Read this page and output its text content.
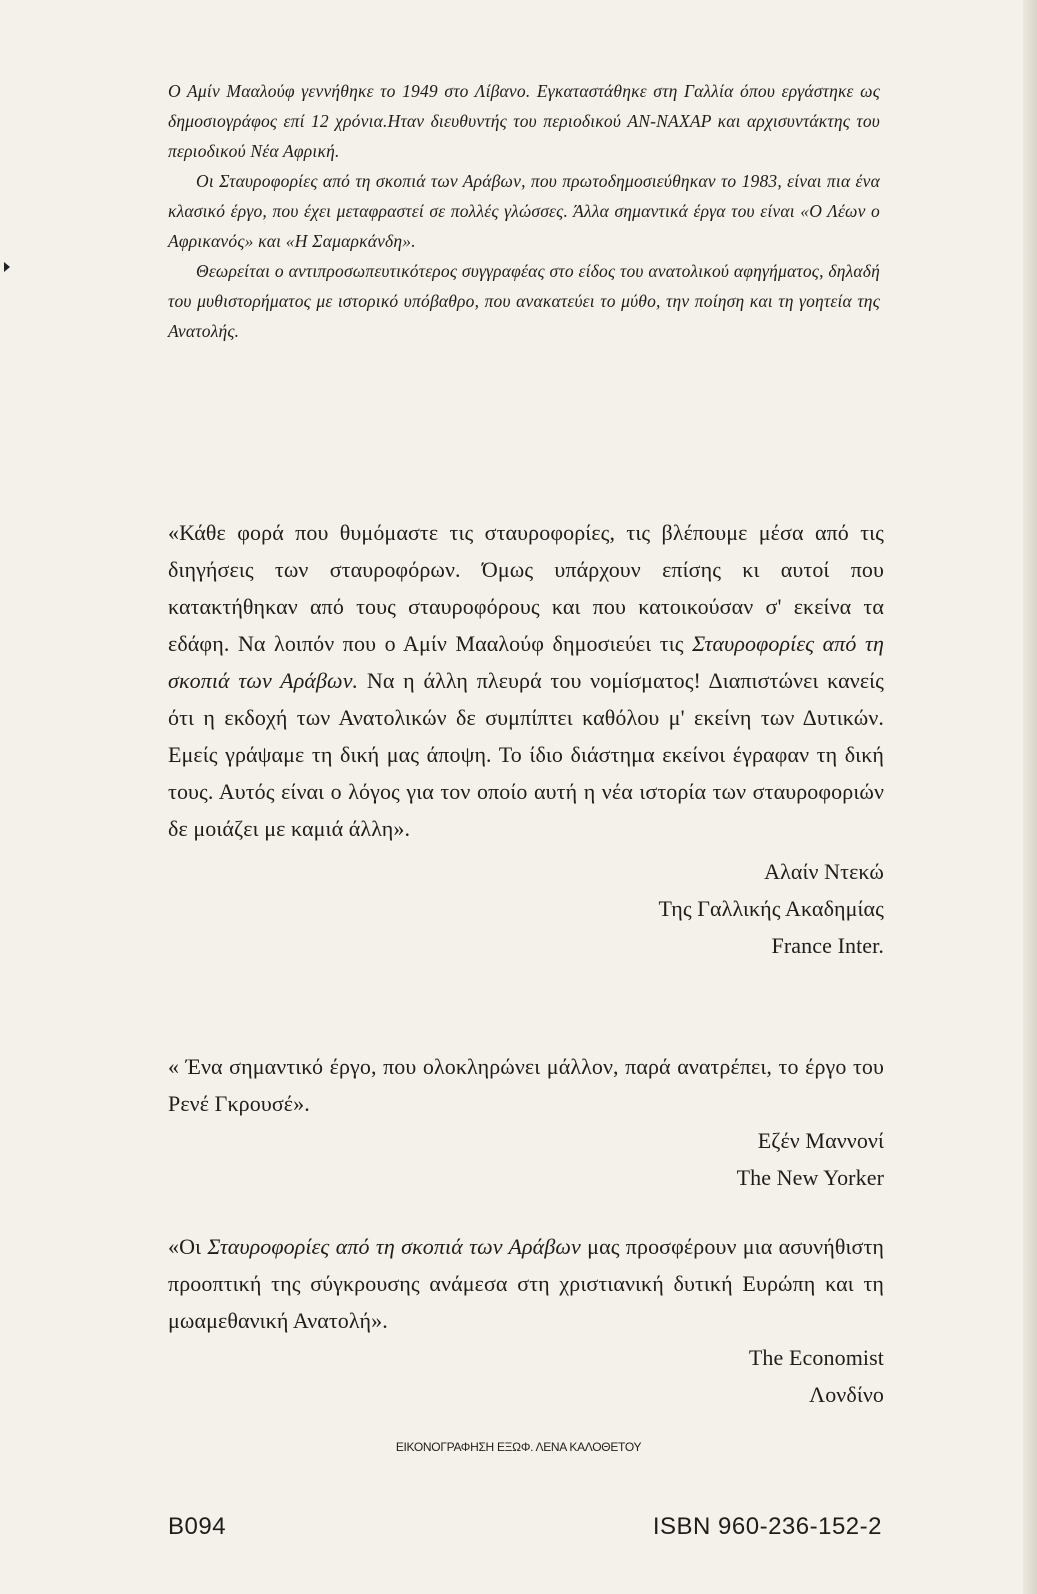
Ο Αμίν Μααλούφ γεννήθηκε το 1949 στο Λίβανο. Εγκαταστάθηκε στη Γαλλία όπου εργάστηκε ως δημοσιογράφος επί 12 χρόνια.Ηταν διευθυντής του περιοδικού AN-NAXAP και αρχισυντάκτης του περιοδικού Νέα Αφρική.

Οι Σταυροφορίες από τη σκοπιά των Αράβων, που πρωτοδημοσιεύθηκαν το 1983, είναι πια ένα κλασικό έργο, που έχει μεταφραστεί σε πολλές γλώσσες. Άλλα σημαντικά έργα του είναι «Ο Λέων ο Αφρικανός» και «Η Σαμαρκάνδη».

Θεωρείται ο αντιπροσωπευτικότερος συγγραφέας στο είδος του ανατολικού αφηγήματος, δηλαδή του μυθιστορήματος με ιστορικό υπόβαθρο, που ανακατεύει το μύθο, την ποίηση και τη γοητεία της Ανατολής.

«Κάθε φορά που θυμόμαστε τις σταυροφορίες, τις βλέπουμε μέσα από τις διηγήσεις των σταυροφόρων. Όμως υπάρχουν επίσης κι αυτοί που κατακτήθηκαν από τους σταυροφόρους και που κατοικούσαν σ' εκείνα τα εδάφη. Να λοιπόν που ο Αμίν Μααλούφ δημοσιεύει τις Σταυροφορίες από τη σκοπιά των Αράβων. Να η άλλη πλευρά του νομίσματος! Διαπιστώνει κανείς ότι η εκδοχή των Ανατολικών δε συμπίπτει καθόλου μ' εκείνη των Δυτικών. Εμείς γράψαμε τη δική μας άποψη. Το ίδιο διάστημα εκείνοι έγραφαν τη δική τους. Αυτός είναι ο λόγος για τον οποίο αυτή η νέα ιστορία των σταυροφοριών δε μοιάζει με καμιά άλλη».

Αλαίν Ντεκώ
Της Γαλλικής Ακαδημίας
France Inter.

« Ένα σημαντικό έργο, που ολοκληρώνει μάλλον, παρά ανατρέπει, το έργο του Ρενέ Γκρουσέ».

Εζέν Μαννονί
The New Yorker

«Οι Σταυροφορίες από τη σκοπιά των Αράβων μας προσφέρουν μια ασυνήθιστη προοπτική της σύγκρουσης ανάμεσα στη χριστιανική δυτική Ευρώπη και τη μωαμεθανική Ανατολή».

The Economist
Λονδίνο
ΕΙΚΟΝΟΓΡΑΦΗΣΗ ΕΞΩΦ. ΛΕΝΑ ΚΑΛΟΘΕΤΟΥ
Β094	ISBN 960-236-152-2
